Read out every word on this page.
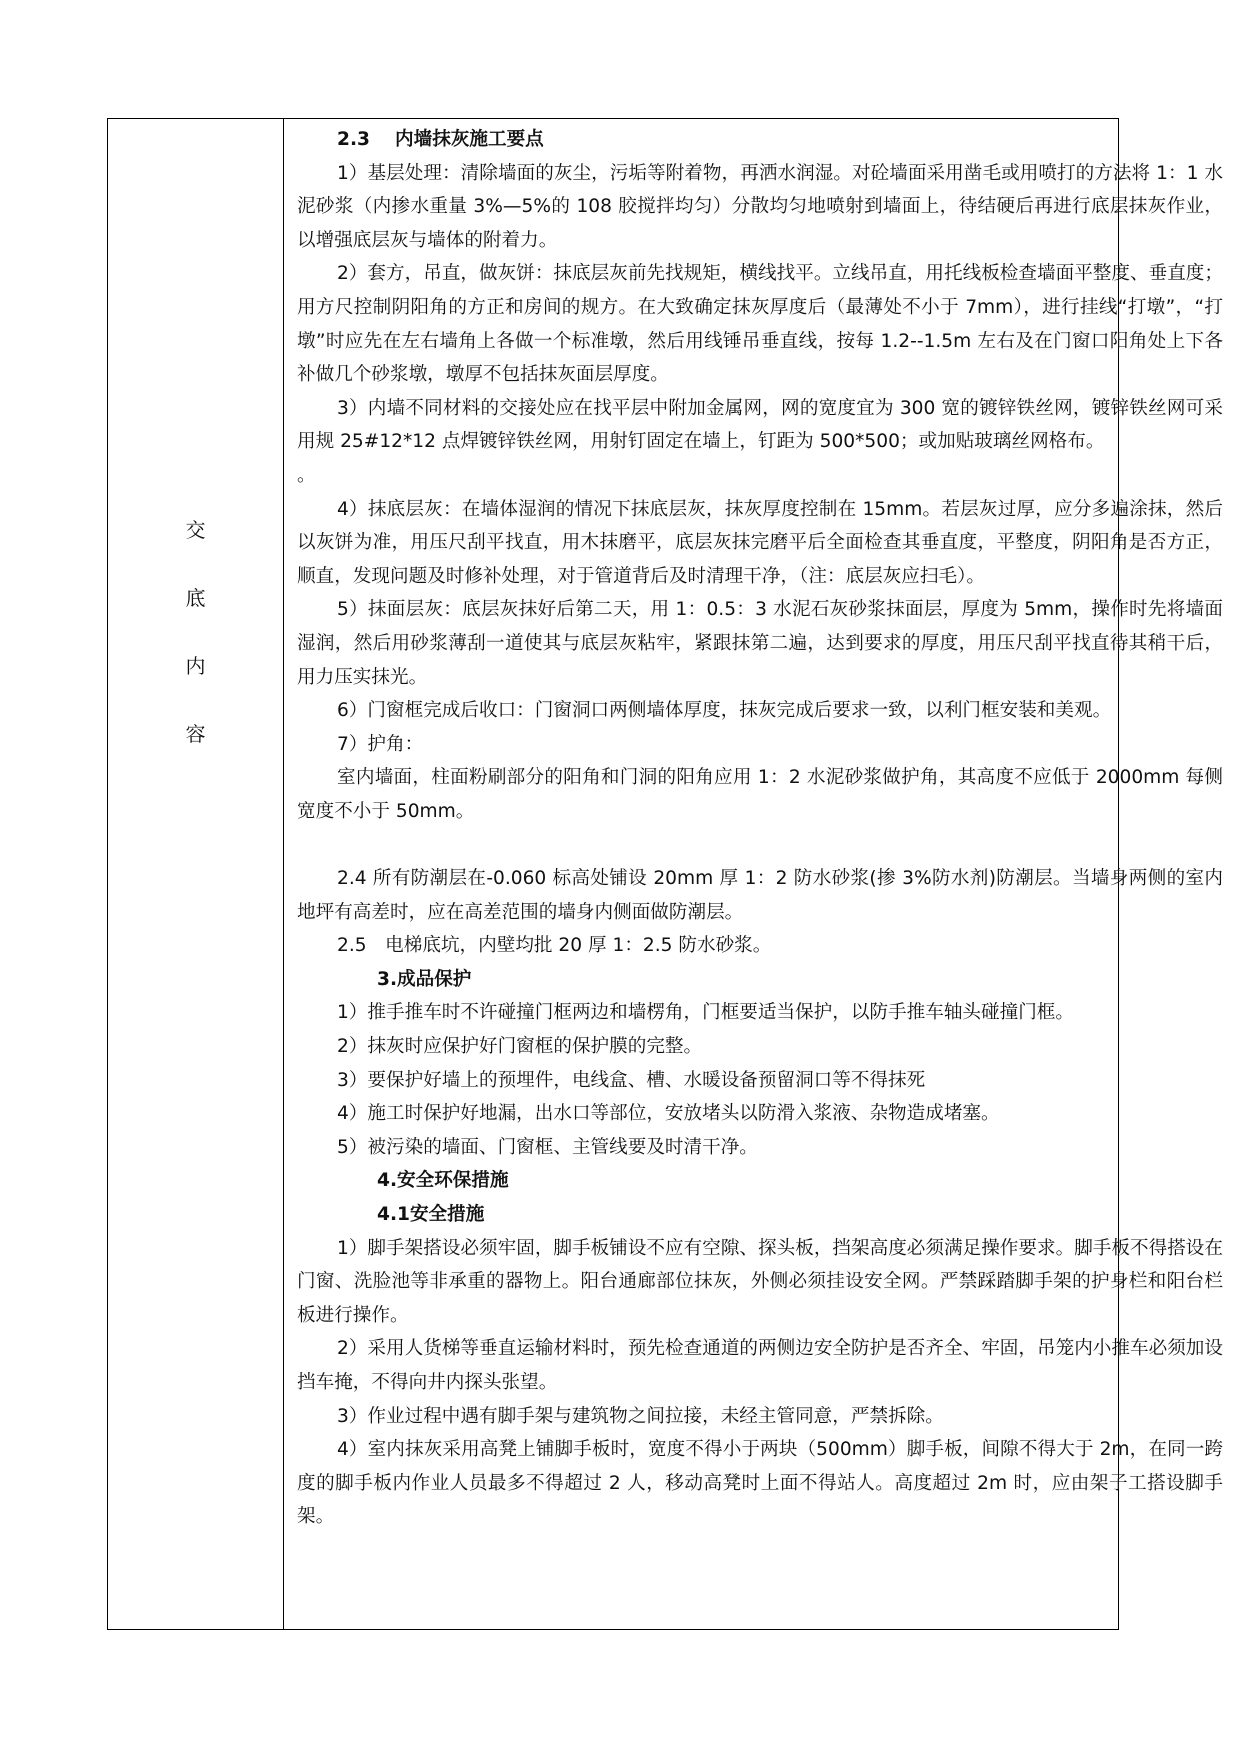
交
底
内
容

2.3　 内墙抹灰施工要点

1）基层处理：清除墙面的灰尘，污垢等附着物，再洒水润湿。对砼墙面采用凿毛或用喷打的方法将 1：1 水泥砂浆（内掺水重量 3%—5%的 108 胶搅拌均匀）分散均匀地喷射到墙面上，待结硬后再进行底层抹灰作业，以增强底层灰与墙体的附着力。

2）套方，吊直，做灰饼：抹底层灰前先找规矩，横线找平。立线吊直，用托线板检查墙面平整度、垂直度；用方尺控制阴阳角的方正和房间的规方。在大致确定抹灰厚度后（最薄处不小于 7mm），进行挂线“打墩”，“打墩”时应先在左右墙角上各做一个标准墩，然后用线锤吊垂直线，按每 1.2--1.5m 左右及在门窗口阳角处上下各补做几个砂浆墩，墩厚不包括抹灰面层厚度。

3）内墙不同材料的交接处应在找平层中附加金属网，网的宽度宜为 300 宽的镀锌铁丝网，镀锌铁丝网可采用规 25#12*12 点焊镀锌铁丝网，用射钉固定在墙上，钉距为 500*500；或加贴玻璃丝网格布。

。

4）抹底层灰：在墙体湿润的情况下抹底层灰，抹灰厚度控制在 15mm。若层灰过厚，应分多遍涂抹，然后以灰饼为准，用压尺刮平找直，用木抹磨平，底层灰抹完磨平后全面检查其垂直度，平整度，阴阳角是否方正，顺直，发现问题及时修补处理，对于管道背后及时清理干净，（注：底层灰应扫毛）。

5）抹面层灰：底层灰抹好后第二天，用 1：0.5：3 水泥石灰砂浆抹面层，厚度为 5mm，操作时先将墙面湿润，然后用砂浆薄刮一道使其与底层灰粘牢，紧跟抹第二遍，达到要求的厚度，用压尺刮平找直待其稍干后，用力压实抹光。

6）门窗框完成后收口：门窗洞口两侧墙体厚度，抹灰完成后要求一致，以利门框安装和美观。

7）护角：

室内墙面，柱面粉刷部分的阳角和门洞的阳角应用 1：2 水泥砂浆做护角，其高度不应低于 2000mm 每侧宽度不小于 50mm。

2.4 所有防潮层在-0.060 标高处铺设 20mm 厚 1：2 防水砂浆(掺 3%防水剂)防潮层。当墙身两侧的室内地坪有高差时，应在高差范围的墙身内侧面做防潮层。

2.5　电梯底坑，内壁均批 20 厚 1：2.5 防水砂浆。

3.成品保护

1）推手推车时不许碰撞门框两边和墙楞角，门框要适当保护，以防手推车轴头碰撞门框。

2）抹灰时应保护好门窗框的保护膜的完整。

3）要保护好墙上的预埋件，电线盒、槽、水暖设备预留洞口等不得抹死

4）施工时保护好地漏，出水口等部位，安放堵头以防滑入浆液、杂物造成堵塞。

5）被污染的墙面、门窗框、主管线要及时清干净。

4.安全环保措施

4.1安全措施

1）脚手架搭设必须牢固，脚手板铺设不应有空隙、探头板，挡架高度必须满足操作要求。脚手板不得搭设在门窗、洗脸池等非承重的器物上。阳台通廊部位抹灰，外侧必须挂设安全网。严禁踩踏脚手架的护身栏和阳台栏板进行操作。

2）采用人货梯等垂直运输材料时，预先检查通道的两侧边安全防护是否齐全、牢固，吊笼内小推车必须加设挡车掩，不得向井内探头张望。

3）作业过程中遇有脚手架与建筑物之间拉接，未经主管同意，严禁拆除。

4）室内抹灰采用高凳上铺脚手板时，宽度不得小于两块（500mm）脚手板，间隙不得大于 2m，在同一跨度的脚手板内作业人员最多不得超过 2 人，移动高凳时上面不得站人。高度超过 2m 时，应由架子工搭设脚手架。
